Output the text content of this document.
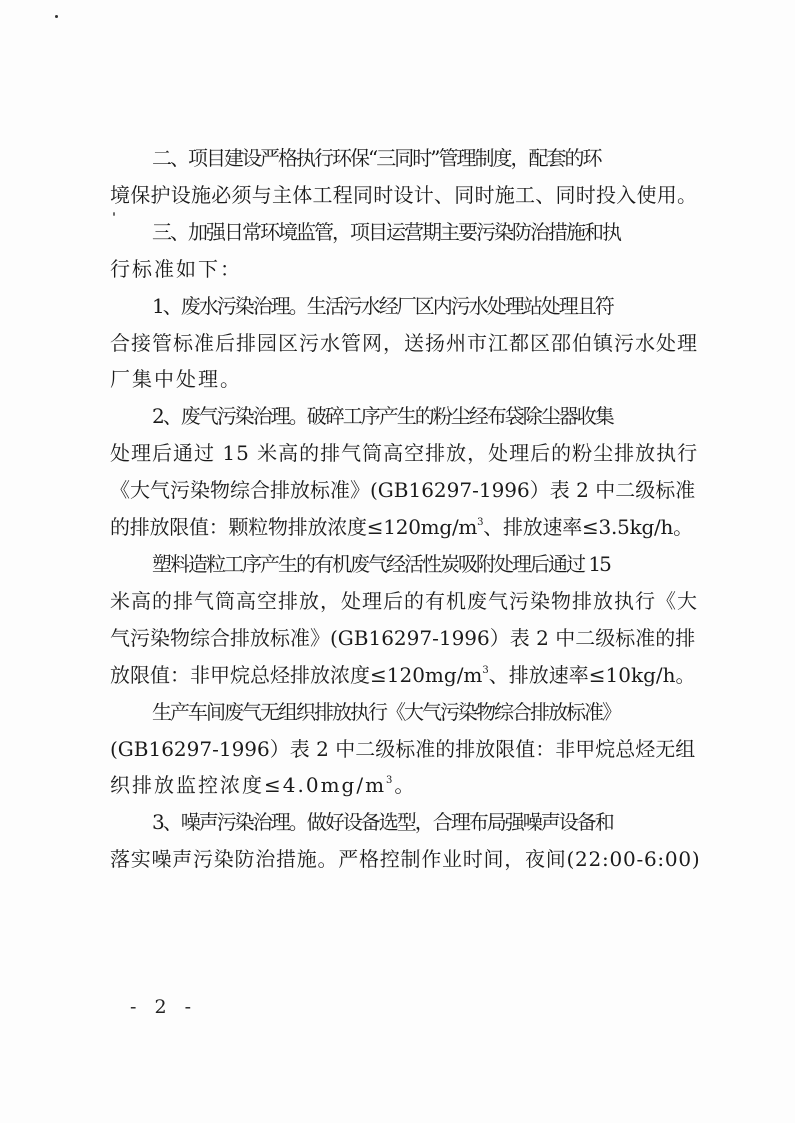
二、项目建设严格执行环保“三同时”管理制度，配套的环
境保护设施必须与主体工程同时设计、同时施工、同时投入使用。

三、加强日常环境监管，项目运营期主要污染防治措施和执
行标准如下：

1、废水污染治理。生活污水经厂区内污水处理站处理且符
合接管标准后排园区污水管网，送扬州市江都区邵伯镇污水处理
厂集中处理。

2、废气污染治理。破碎工序产生的粉尘经布袋除尘器收集
处理后通过 15 米高的排气筒高空排放，处理后的粉尘排放执行
《大气污染物综合排放标准》(GB16297-1996）表 2 中二级标准
的排放限值：颗粒物排放浓度$\le 120mg/m^3$、排放速率≤3.5kg/h。

塑料造粒工序产生的有机废气经活性炭吸附处理后通过 15
米高的排气筒高空排放，处理后的有机废气污染物排放执行《大
气污染物综合排放标准》(GB16297-1996）表 2 中二级标准的排
放限值：非甲烷总烃排放浓度$\le 120mg/m^3$、排放速率≤10kg/h。

生产车间废气无组织排放执行《大气污染物综合排放标准》
(GB16297-1996）表 2 中二级标准的排放限值：非甲烷总烃无组
织排放监控浓度$\le 4.0mg/m^3$。

3、噪声污染治理。做好设备选型，合理布局强噪声设备和
落实噪声污染防治措施。严格控制作业时间，夜间(22:00-6:00)

- 2 -
